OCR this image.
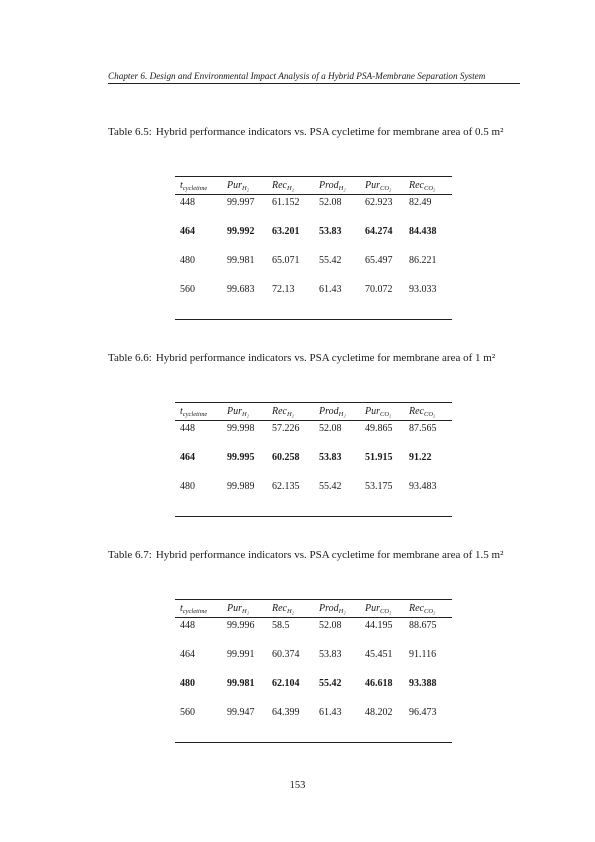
Chapter 6. Design and Environmental Impact Analysis of a Hybrid PSA-Membrane Separation System
Table 6.5: Hybrid performance indicators vs. PSA cycletime for membrane area of 0.5 m²
$t_{cycletime}$	Pur$_{H_2}$	Rec$_{H_2}$	Prod$_{H_2}$	Pur$_{CO_2}$	Rec$_{CO_2}$

448	99.997	61.152	52.08	62.923	82.49

464	99.992	63.201	53.83	64.274	84.438

480	99.981	65.071	55.42	65.497	86.221

560	99.683	72.13	61.43	70.072	93.033
Table 6.6: Hybrid performance indicators vs. PSA cycletime for membrane area of 1 m²
$t_{cycletime}$	Pur$_{H_2}$	Rec$_{H_2}$	Prod$_{H_2}$	Pur$_{CO_2}$	Rec$_{CO_2}$

448	99.998	57.226	52.08	49.865	87.565

464	99.995	60.258	53.83	51.915	91.22

480	99.989	62.135	55.42	53.175	93.483
Table 6.7: Hybrid performance indicators vs. PSA cycletime for membrane area of 1.5 m²
$t_{cycletime}$	Pur$_{H_2}$	Rec$_{H_2}$	Prod$_{H_2}$	Pur$_{CO_2}$	Rec$_{CO_2}$

448	99.996	58.5	52.08	44.195	88.675

464	99.991	60.374	53.83	45.451	91.116

480	99.981	62.104	55.42	46.618	93.388

560	99.947	64.399	61.43	48.202	96.473
153
